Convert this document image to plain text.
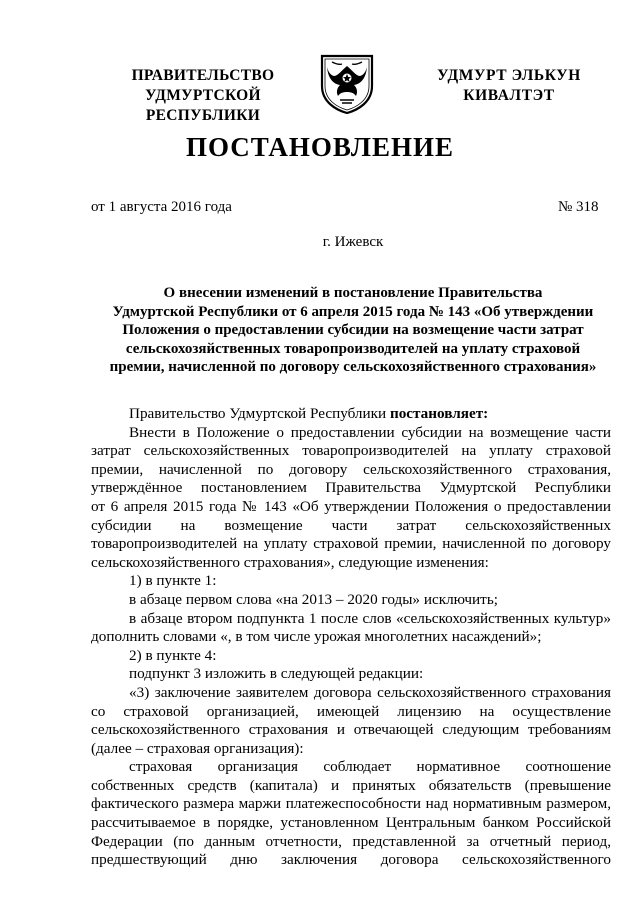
ПРАВИТЕЛЬСТВО
УДМУРТСКОЙ РЕСПУБЛИКИ
УДМУРТ ЭЛЬКУН
КИВАЛТЭТ
ПОСТАНОВЛЕНИЕ
от 1 августа 2016 года	№ 318
г. Ижевск
О внесении изменений в постановление Правительства
Удмуртской Республики от 6 апреля 2015 года № 143 «Об утверждении
Положения о предоставлении субсидии на возмещение части затрат
сельскохозяйственных товаропроизводителей на уплату страховой
премии, начисленной по договору сельскохозяйственного страхования»
Правительство Удмуртской Республики постановляет:
Внести в Положение о предоставлении субсидии на возмещение части
затрат сельскохозяйственных товаропроизводителей на уплату страховой
премии, начисленной по договору сельскохозяйственного страхования,
утверждённое постановлением Правительства Удмуртской Республики
от 6 апреля 2015 года № 143 «Об утверждении Положения о предоставлении
субсидии на возмещение части затрат сельскохозяйственных
товаропроизводителей на уплату страховой премии, начисленной по договору
сельскохозяйственного страхования», следующие изменения:
1) в пункте 1:
в абзаце первом слова «на 2013 – 2020 годы» исключить;
в абзаце втором подпункта 1 после слов «сельскохозяйственных культур»
дополнить словами «, в том числе урожая многолетних насаждений»;
2) в пункте 4:
подпункт 3 изложить в следующей редакции:
«3) заключение заявителем договора сельскохозяйственного страхования
со страховой организацией, имеющей лицензию на осуществление
сельскохозяйственного страхования и отвечающей следующим требованиям
(далее – страховая организация):
страховая организация соблюдает нормативное соотношение
собственных средств (капитала) и принятых обязательств (превышение
фактического размера маржи платежеспособности над нормативным размером,
рассчитываемое в порядке, установленном Центральным банком Российской
Федерации (по данным отчетности, представленной за отчетный период,
предшествующий дню заключения договора сельскохозяйственного
